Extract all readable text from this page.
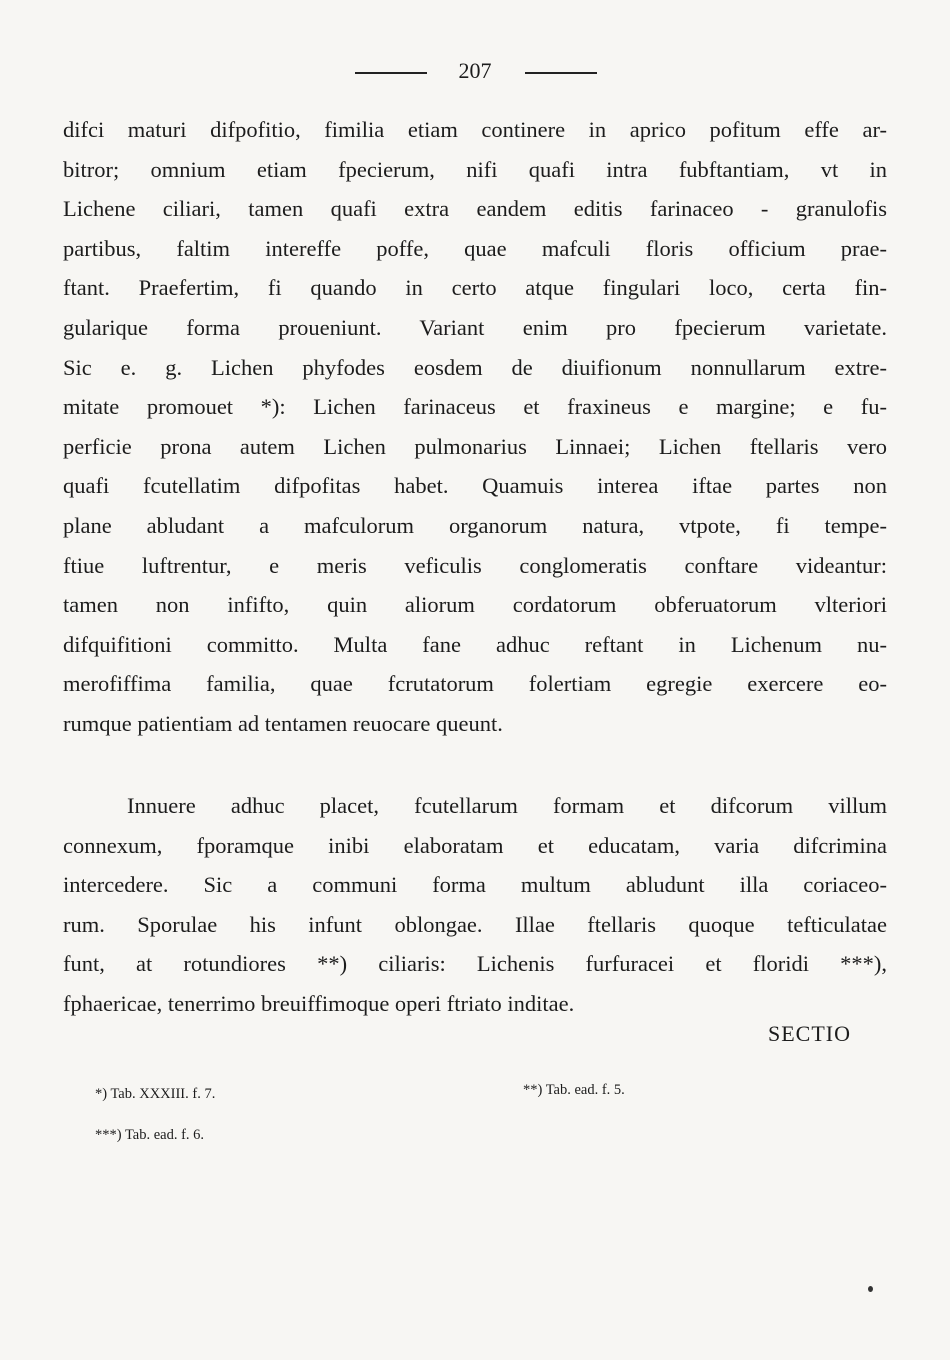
207
difci maturi difpofitio, fimilia etiam continere in aprico pofitum effe ar-
bitror; omnium etiam fpecierum, nifi quafi intra fubftantiam, vt in
Lichene ciliari, tamen quafi extra eandem editis farinaceo - granulofis
partibus, faltim intereffe poffe, quae mafculi floris officium prae-
ftant. Praefertim, fi quando in certo atque fingulari loco, certa fin-
gularique forma proueniunt. Variant enim pro fpecierum varietate.
Sic e. g. Lichen phyfodes eosdem de diuifionum nonnullarum extre-
mitate promouet *): Lichen farinaceus et fraxineus e margine; e fu-
perficie prona autem Lichen pulmonarius Linnaei; Lichen ftellaris vero
quafi fcutellatim difpofitas habet. Quamuis interea iftae partes non
plane abludant a mafculorum organorum natura, vtpote, fi tempe-
ftiue luftrentur, e meris veficulis conglomeratis conftare videantur:
tamen non infifto, quin aliorum cordatorum obferuatorum vlteriori
difquifitioni committo. Multa fane adhuc reftant in Lichenum nu-
merofiffima familia, quae fcrutatorum folertiam egregie exercere eo-
rumque patientiam ad tentamen reuocare queunt.
Innuere adhuc placet, fcutellarum formam et difcorum villum
connexum, fporamque inibi elaboratam et educatam, varia difcrimina
intercedere. Sic a communi forma multum abludunt illa coriaceo-
rum. Sporulae his infunt oblongae. Illae ftellaris quoque tefticulatae
funt, at rotundiores **) ciliaris: Lichenis furfuracei et floridi ***),
fphaericae, tenerrimo breuiffimoque operi ftriato inditae.
SECTIO
*) Tab. XXXIII. f. 7.	**) Tab. ead. f. 5.
***) Tab. ead. f. 6.
